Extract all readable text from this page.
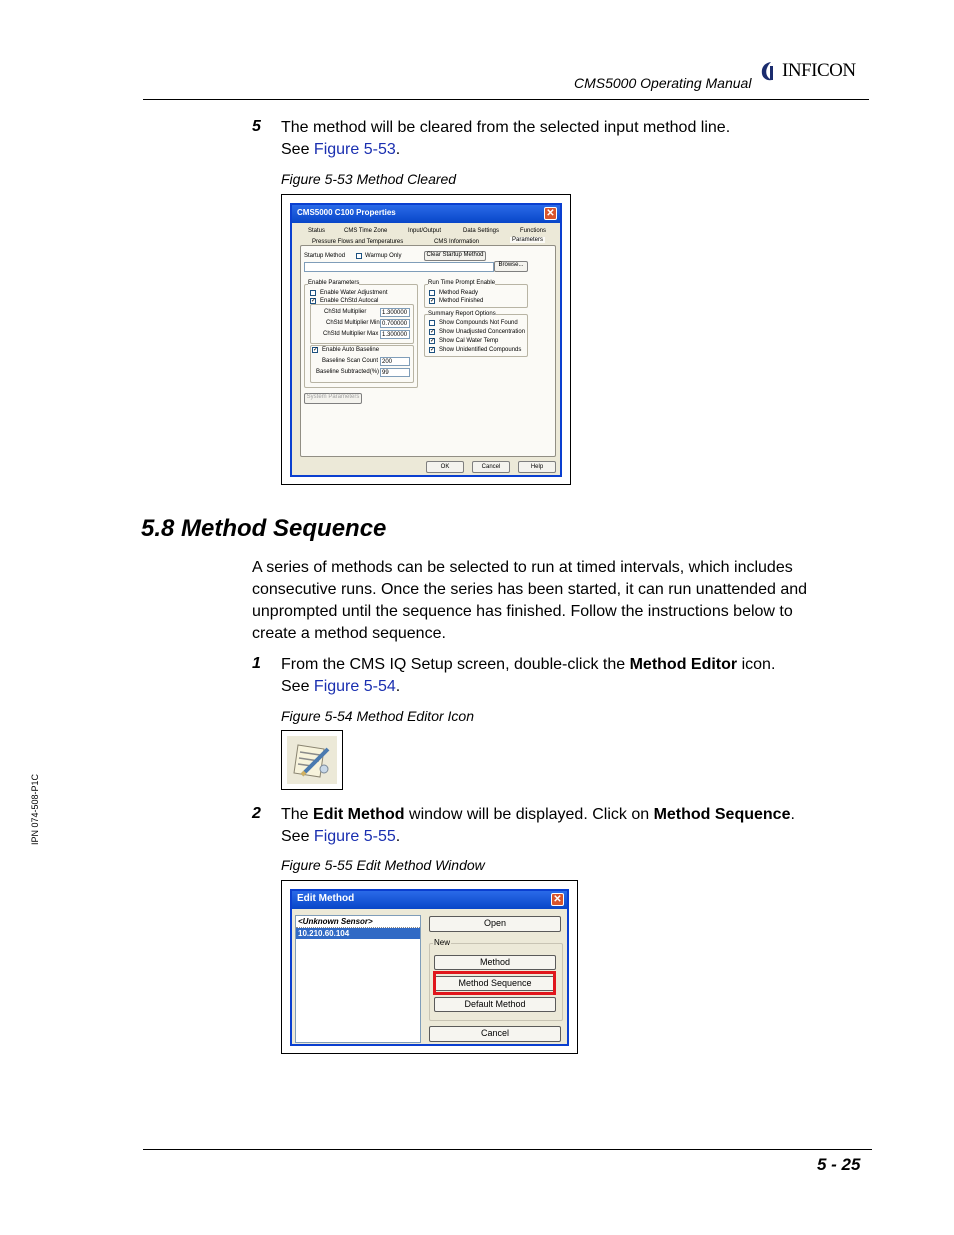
CMS5000 Operating Manual
INFICON
5 The method will be cleared from the selected input method line.
See Figure 5-53.
Figure 5-53 Method Cleared
CMS5000 C100 Properties	✕
Status	CMS Time Zone	Input/Output	Data Settings	Functions
Pressure Flows and Temperatures	CMS Information	Parameters
Startup Method	Warmup Only	Clear Startup Method
Browse...
Enable Parameters
Enable Water Adjustment
✓ Enable ChStd Autocal
ChStd Multiplier	1.300000
ChStd Multiplier Min 0.700000
ChStd Multiplier Max 1.300000
✓ Enable Auto Baseline
Baseline Scan Count 200
Baseline Subtracted(%) 99
System Parameters
Run Time Prompt Enable
Method Ready
✓ Method Finished
Summary Report Options
Show Compounds Not Found
✓ Show Unadjusted Concentration
✓ Show Cal Water Temp
✓ Show Unidentified Compounds
OK	Cancel	Help
5.8 Method Sequence
A series of methods can be selected to run at timed intervals, which includes
consecutive runs. Once the series has been started, it can run unattended and
unprompted until the sequence has finished. Follow the instructions below to
create a method sequence.
1 From the CMS IQ Setup screen, double-click the Method Editor icon.
See Figure 5-54.
Figure 5-54 Method Editor Icon
2 The Edit Method window will be displayed. Click on Method Sequence.
See Figure 5-55.
Figure 5-55 Edit Method Window
Edit Method	✕
<Unknown Sensor>
10.210.60.104
Open
New
Method
Method Sequence
Default Method
Cancel
5 - 25
IPN 074-508-P1C
